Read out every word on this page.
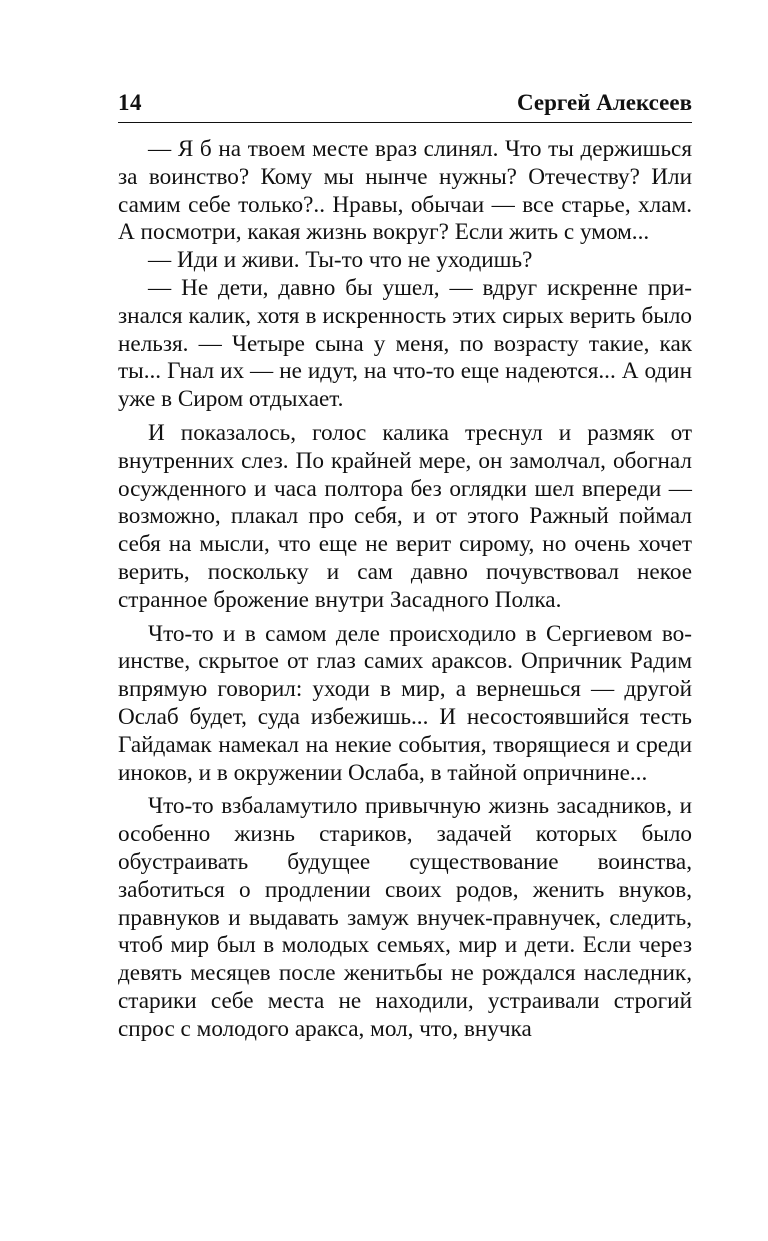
14	Сергей Алексеев

— Я б на твоем месте враз слинял. Что ты держишься за воинство? Кому мы нынче нужны? Отечеству? Или самим себе только?.. Нравы, обычаи — все старье, хлам. А посмотри, какая жизнь вокруг? Если жить с умом...

— Иди и живи. Ты-то что не уходишь?

— Не дети, давно бы ушел, — вдруг искренне признался калик, хотя в искренность этих сирых верить было нельзя. — Четыре сына у меня, по возрасту такие, как ты... Гнал их — не идут, на что-то еще надеются... А один уже в Сиром отдыхает.

И показалось, голос калика треснул и размяк от внутренних слез. По крайней мере, он замолчал, обогнал осужденного и часа полтора без оглядки шел впереди — возможно, плакал про себя, и от этого Ражный поймал себя на мысли, что еще не верит сирому, но очень хочет верить, поскольку и сам давно почувствовал некое странное брожение внутри Засадного Полка.

Что-то и в самом деле происходило в Сергиевом воинстве, скрытое от глаз самих араксов. Опричник Радим впрямую говорил: уходи в мир, а вернешься — другой Ослаб будет, суда избежишь... И несостоявшийся тесть Гайдамак намекал на некие события, творящиеся и среди иноков, и в окружении Ослаба, в тайной опричнине...

Что-то взбаламутило привычную жизнь засадников, и особенно жизнь стариков, задачей которых было обустраивать будущее существование воинства, заботиться о продлении своих родов, женить внуков, правнуков и выдавать замуж внучек-правнучек, следить, чтоб мир был в молодых семьях, мир и дети. Если через девять месяцев после женитьбы не рождался наследник, старики себе места не находили, устраивали строгий спрос с молодого аракса, мол, что, внучка
